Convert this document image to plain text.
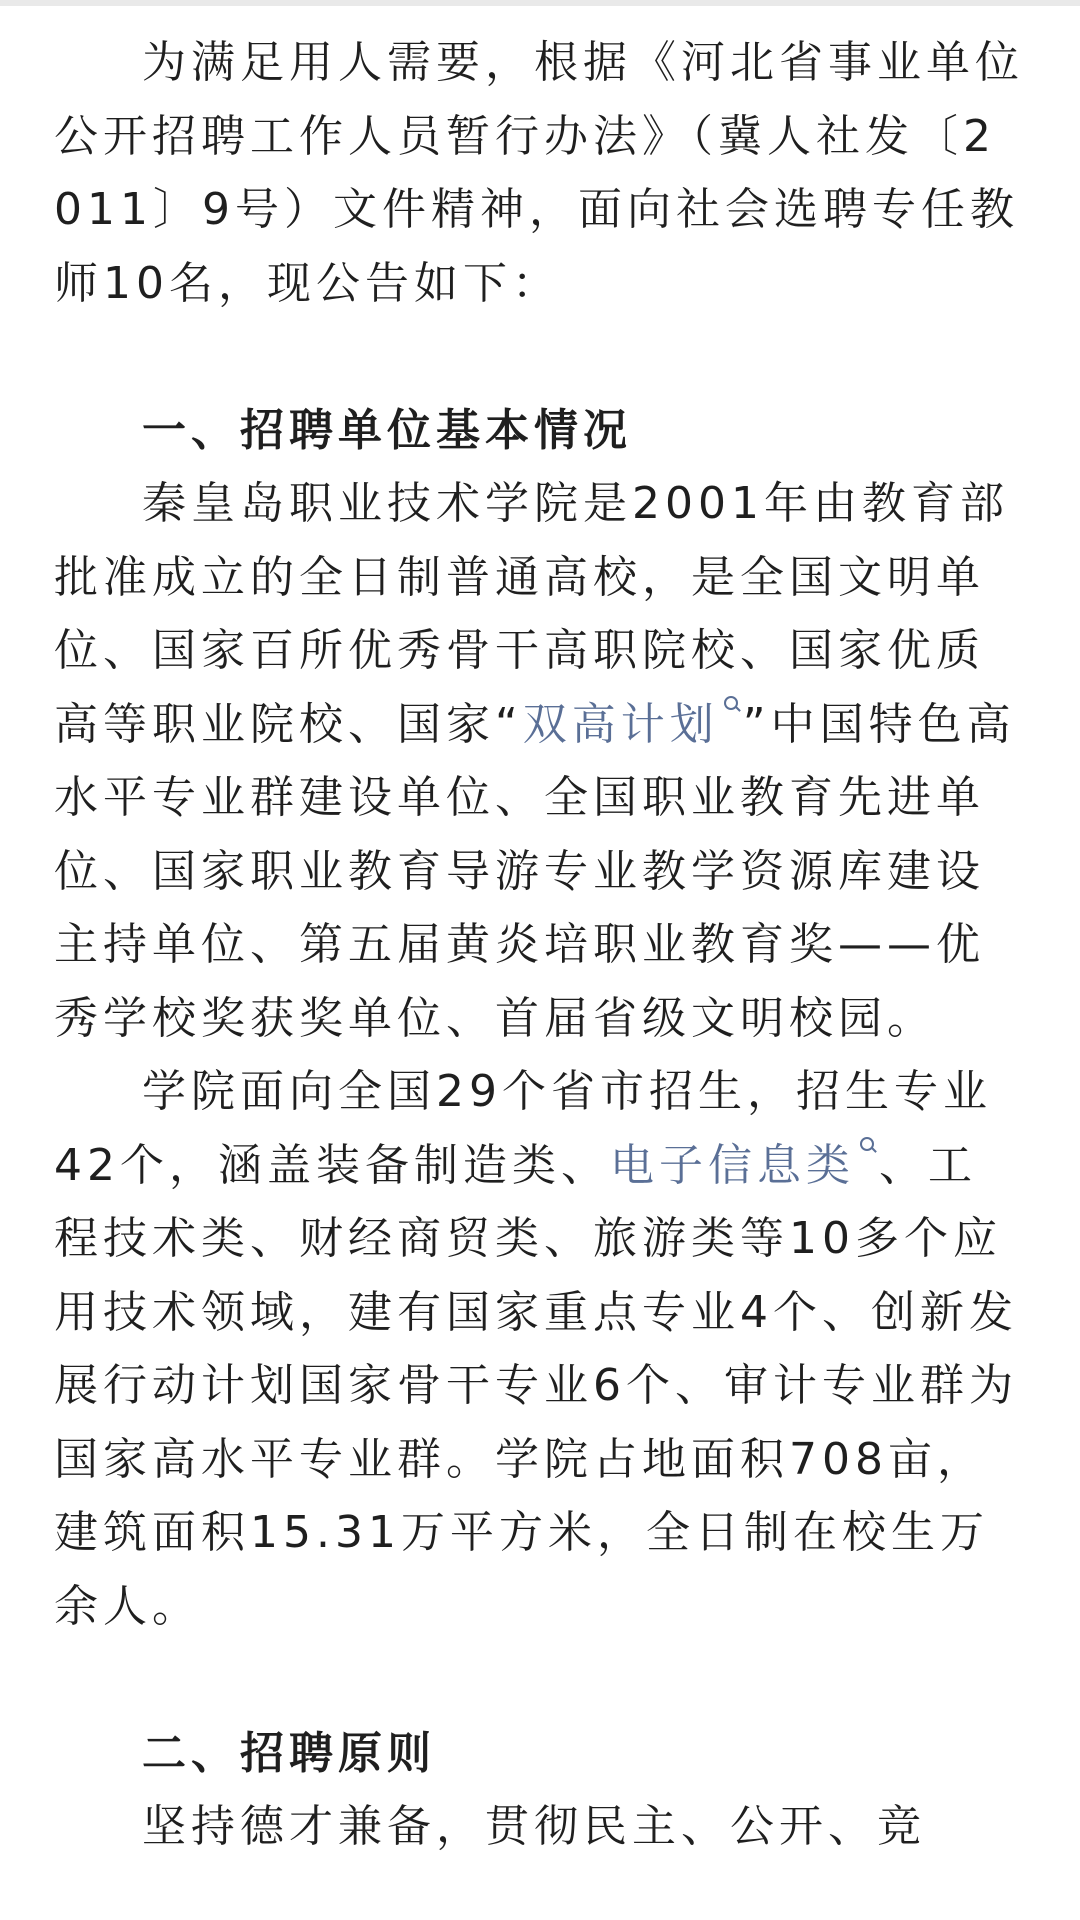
为满足用人需要，根据《河北省事业单位公开招聘工作人员暂行办法》（冀人社发〔2011〕9号）文件精神，面向社会选聘专任教师10名，现公告如下：

一、招聘单位基本情况

秦皇岛职业技术学院是2001年由教育部批准成立的全日制普通高校，是全国文明单位、国家百所优秀骨干高职院校、国家优质高等职业院校、国家“双高计划 ”中国特色高水平专业群建设单位、全国职业教育先进单位、国家职业教育导游专业教学资源库建设主持单位、第五届黄炎培职业教育奖——优秀学校奖获奖单位、首届省级文明校园。

学院面向全国29个省市招生，招生专业42个，涵盖装备制造类、电子信息类 、工程技术类、财经商贸类、旅游类等10多个应用技术领域，建有国家重点专业4个、创新发展行动计划国家骨干专业6个、审计专业群为国家高水平专业群。学院占地面积708亩，建筑面积15.31万平方米，全日制在校生万余人。

二、招聘原则

坚持德才兼备，贯彻民主、公开、竞
